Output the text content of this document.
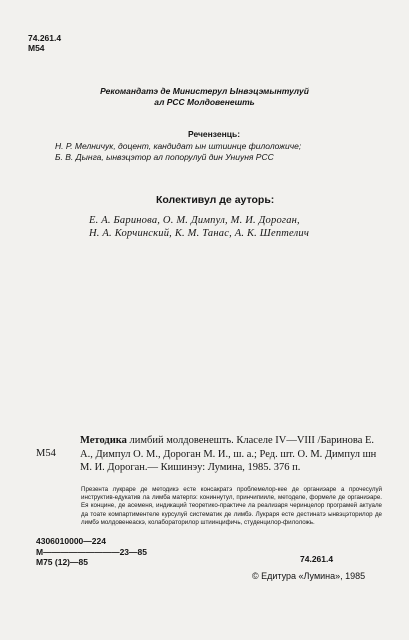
74.261.4
M54
Рекомандатэ де Министерул Ынвэцэмынтулуй
ал РСС Молдовенешть
Речензенць:
Н. Р. Мелничук, доцент, кандидат ын штиинце филоложиче;
Б. В. Дынга, ынвэцэтор ал попорулуй дин Униуня РСС
Колективул де аутоpь:
Е. А. Баринова, О. М. Димпул, М. И. Дороган,
Н. А. Корчинский, К. М. Танас, А. К. Шептелич
M54
Методика лимбий молдовенешть. Класеле IV—VIII /Баринова Е. А., Димпул О. М., Дороган М. И., ш. а.; Ред. шт. О. М. Димпул шн М. И. Дороган.— Кишинэу: Лумина, 1985. 376 п.
Презента лукраре де методикэ есте консакратэ проблемелор-кее де органиэаре а прочесулуй инструктив-едукатив ла лимба матерпэ: кониннутул, принчипииле, методеле, формеле де органиэаре. Ея концине, де асеменя, индикаций теоретико-практиче ла реализаря черинцелор програмей актуале да тоате компартиментеле курсулуй систематик де лимбэ. Лукраря есте дестинатэ ынвэцэторилор де лимбэ молдовенеаскэ, колабораторилор штиинцифичь, студенцилор-филоложь.
4306010000—224
M—————————23—85
M75 (12)—85	74.261.4
© Едитура «Лумина», 1985
